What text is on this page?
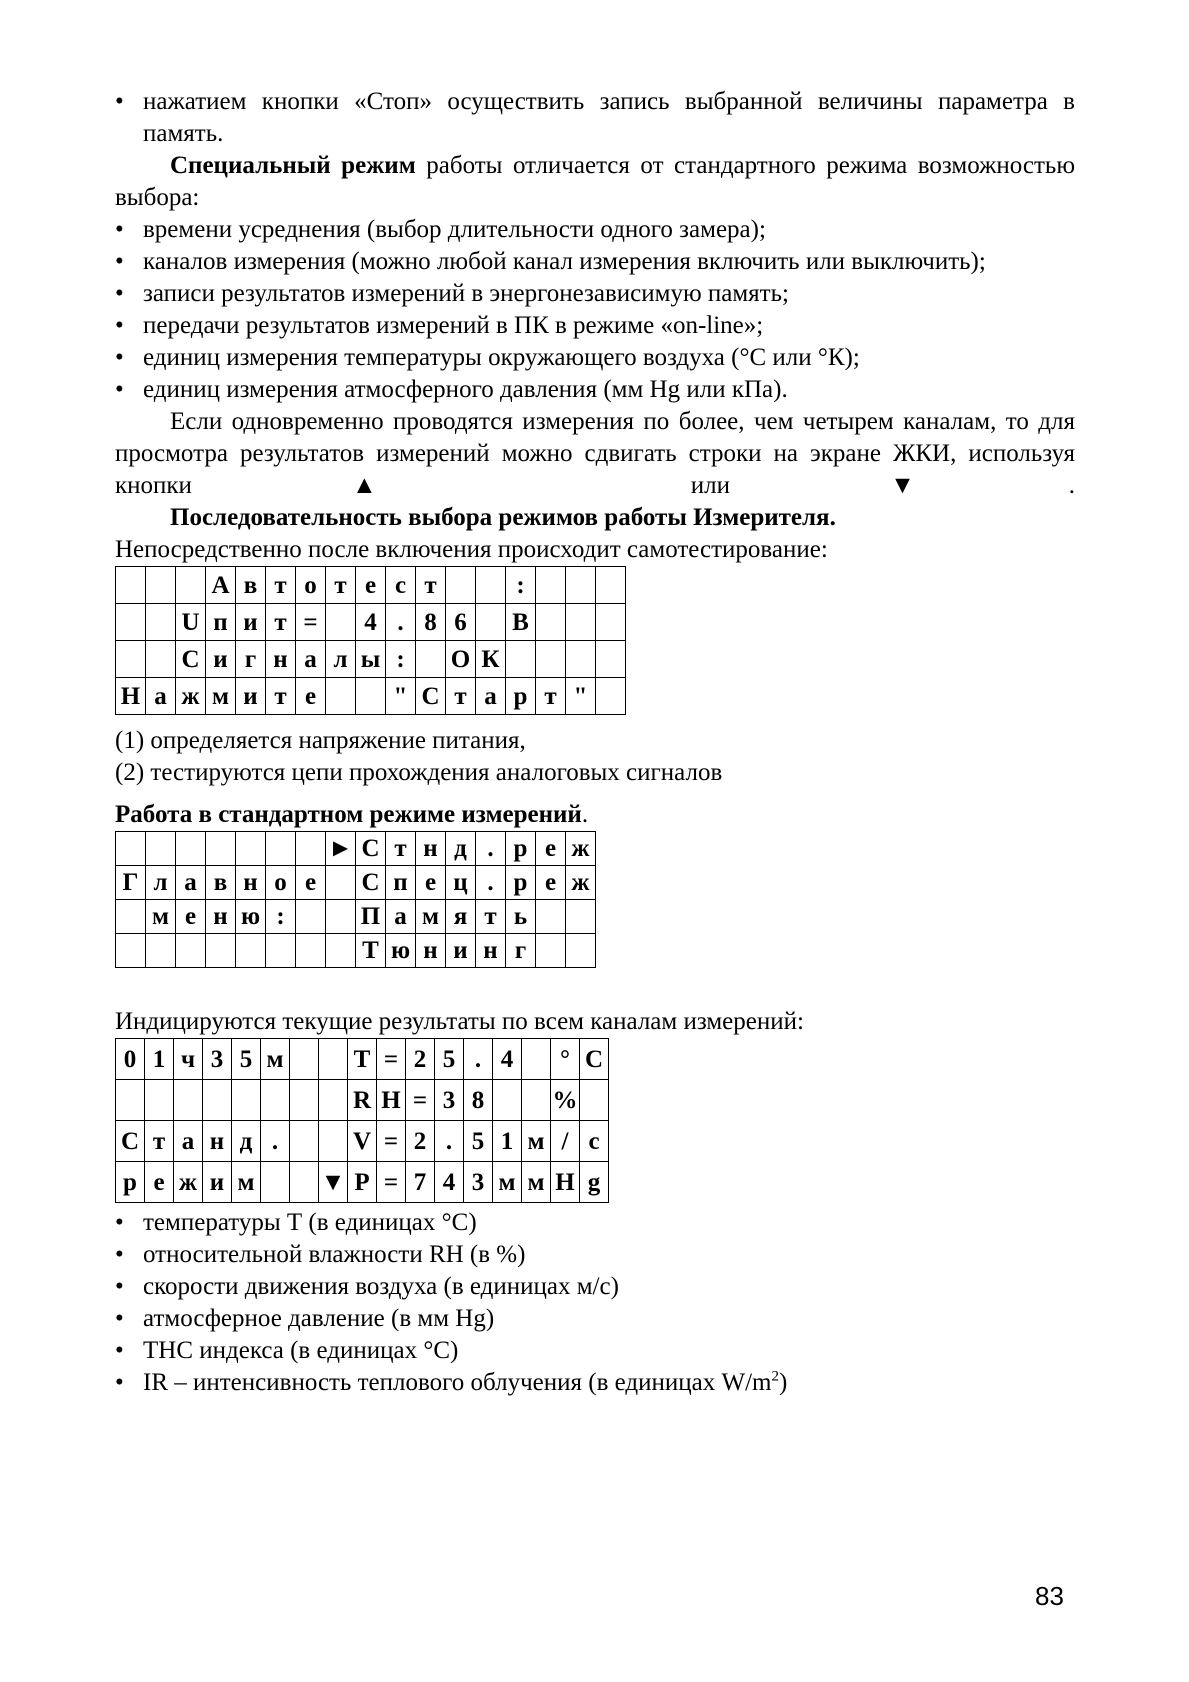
• нажатием кнопки «Стоп» осуществить запись выбранной величины параметра в память.

Специальный режим работы отличается от стандартного режима возможностью выбора:

• времени усреднения (выбор длительности одного замера);
• каналов измерения (можно любой канал измерения включить или выключить);
• записи результатов измерений в энергонезависимую память;
• передачи результатов измерений в ПК в режиме «on-line»;
• единиц измерения температуры окружающего воздуха (°С или °К);
• единиц измерения атмосферного давления (мм Hg или кПа).

Если одновременно проводятся измерения по более, чем четырем каналам, то для просмотра результатов измерений можно сдвигать строки на экране ЖКИ, используя кнопки ▲ или ▼.

Последовательность выбора режимов работы Измерителя.

Непосредственно после включения происходит самотестирование:

			А	в	т	о	т	е	с	т			:			
		U	п	и	т	=		4	.	8	6		В			
		С	и	г	н	а	л	ы	:		О	К				
Н	а	ж	м	и	т	е			"	С	т	а	р	т	"	

(1) определяется напряжение питания,

(2) тестируются цепи прохождения аналоговых сигналов

Работа в стандартном режиме измерений.

							►	С	т	н	д	.	р	е	ж
Г	л	а	в	н	о	е		С	п	е	ц	.	р	е	ж
	м	е	н	ю	:			П	а	м	я	т	ь		
								Т	ю	н	и	н	г		

Индицируются текущие результаты по всем каналам измерений:

0	1	ч	3	5	м			Т	=	2	5	.	4		°	С
								R	Н	=	3	8			%	
С	т	а	н	д	.			V	=	2	.	5	1	м	/	с
р	е	ж	и	м			▼	Р	=	7	4	3	м	м	Н	g
• температуры Т (в единицах °С)
• относительной влажности RH (в %)
• скорости движения воздуха (в единицах м/с)
• атмосферное давление (в мм Hg)
• ТНС индекса (в единицах °С)
• IR – интенсивность теплового облучения (в единицах $W/m^2$)
83
